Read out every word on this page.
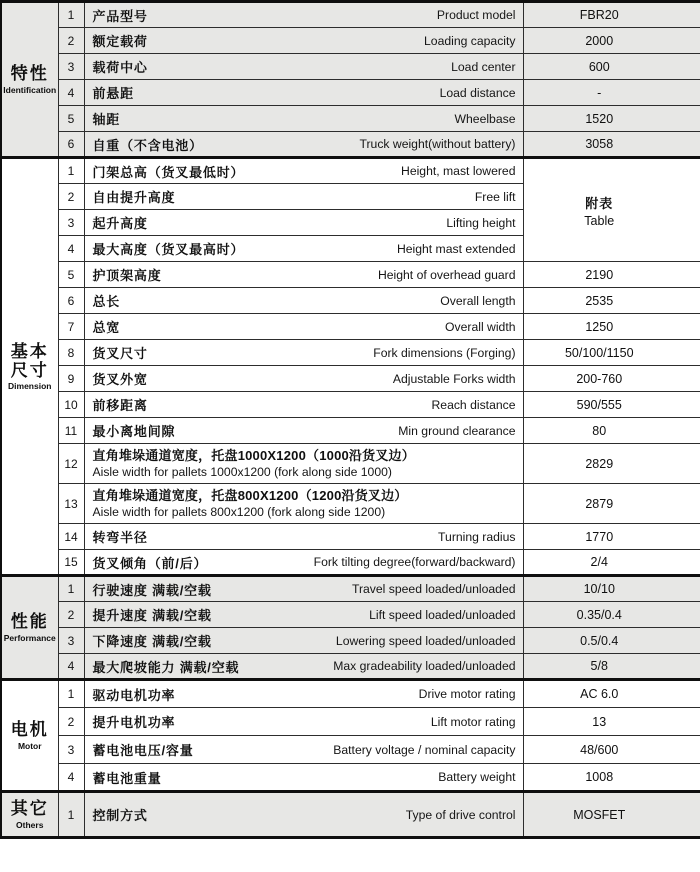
特性
Identification	1	产品型号 Product model	FBR20
	2	额定载荷 Loading capacity	2000
	3	载荷中心 Load center	600
	4	前悬距 Load distance	-
	5	轴距 Wheelbase	1520
	6	自重（不含电池） Truck weight(without battery)	3058

基本尺寸
Dimension	1	门架总高（货叉最低时） Height, mast lowered	附表
Table

	2	自由提升高度 Free lift	

	3	起升高度 Lifting height	

	4	最大高度（货叉最高时） Height mast extended	

	5	护顶架高度 Height of overhead guard	2190
	6	总长 Overall length	2535
	7	总宽 Overall width	1250
	8	货叉尺寸 Fork dimensions (Forging)	50/100/1150
	9	货叉外宽 Adjustable Forks width	200-760
	10	前移距离 Reach distance	590/555
	11	最小离地间隙 Min ground clearance	80
	12	直角堆垛通道宽度，托盘1000X1200（1000沿货叉边）
Aisle width for pallets 1000x1200 (fork along side 1000)	2829
	13	直角堆垛通道宽度，托盘800X1200（1200沿货叉边）
Aisle width for pallets 800x1200 (fork along side 1200)	2879
	14	转弯半径 Turning radius	1770
	15	货叉倾角（前/后） Fork tilting degree(forward/backward)	2/4

性能
Performance	1	行驶速度 满载/空载 Travel speed loaded/unloaded	10/10
	2	提升速度 满载/空载 Lift speed loaded/unloaded	0.35/0.4
	3	下降速度 满载/空载 Lowering speed loaded/unloaded	0.5/0.4
	4	最大爬坡能力 满载/空载 Max gradeability loaded/unloaded	5/8

电机
Motor	1	驱动电机功率 Drive motor rating	AC 6.0
	2	提升电机功率 Lift motor rating	13
	3	蓄电池电压/容量 Battery voltage / nominal capacity	48/600
	4	蓄电池重量 Battery weight	1008

其它
Others	1	控制方式 Type of drive control	MOSFET
